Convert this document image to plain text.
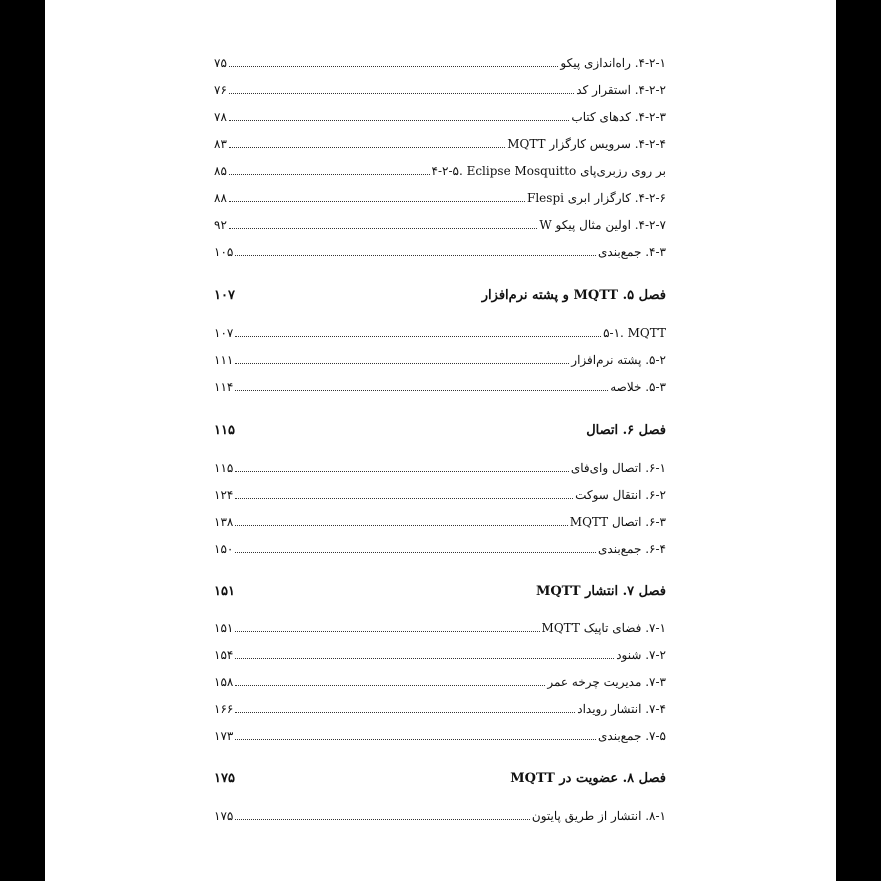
۴-۲-۱. راه‌اندازی پیکو
۷۵
۴-۲-۲. استقرار کد
۷۶
۴-۲-۳. کدهای کتاب
۷۸
۴-۲-۴. سرویس کارگزار MQTT
۸۳
۴-۲-۵. Eclipse Mosquitto بر روی رزبری‌پای
۸۵
۴-۲-۶. کارگزار ابری Flespi
۸۸
۴-۲-۷. اولین مثال پیکو W
۹۲
۴-۳. جمع‌بندی
۱۰۵
فصل ۵. MQTT و پشته نرم‌افزار
۱۰۷
۵-۱. MQTT
۱۰۷
۵-۲. پشته نرم‌افزار
۱۱۱
۵-۳. خلاصه
۱۱۴
فصل ۶. اتصال
۱۱۵
۶-۱. اتصال وای‌فای
۱۱۵
۶-۲. انتقال سوکت
۱۲۴
۶-۳. اتصال MQTT
۱۳۸
۶-۴. جمع‌بندی
۱۵۰
فصل ۷. انتشار MQTT
۱۵۱
۷-۱. فضای تاپیک MQTT
۱۵۱
۷-۲. شنود
۱۵۴
۷-۳. مدیریت چرخه عمر
۱۵۸
۷-۴. انتشار رویداد
۱۶۶
۷-۵. جمع‌بندی
۱۷۳
فصل ۸. عضویت در MQTT
۱۷۵
۸-۱. انتشار از طریق پایتون
۱۷۵
